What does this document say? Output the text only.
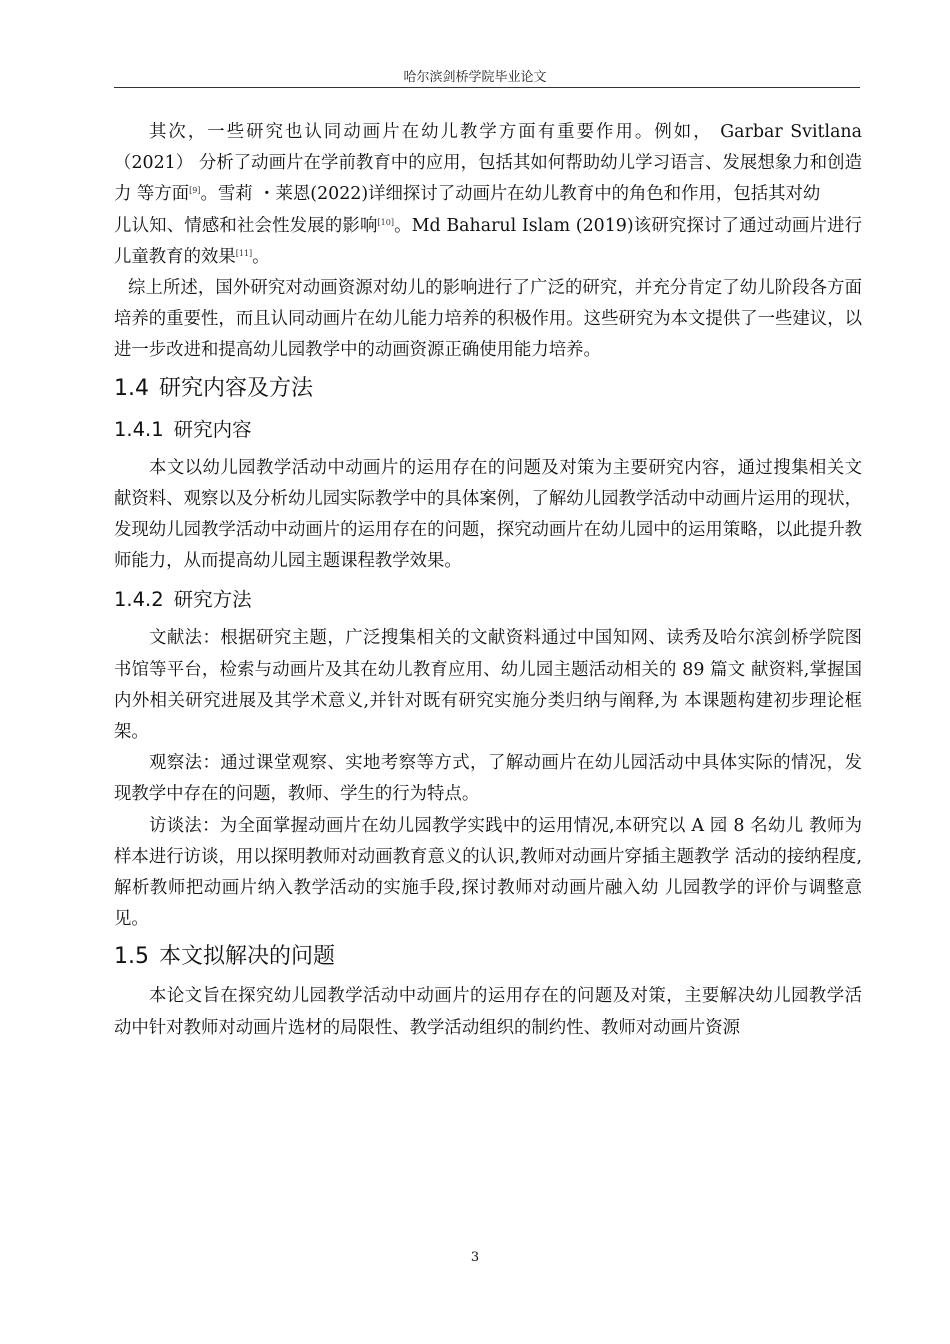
哈尔滨剑桥学院毕业论文

其次，一些研究也认同动画片在幼儿教学方面有重要作用。例如， Garbar Svitlana （2021） 分析了动画片在学前教育中的应用，包括其如何帮助幼儿学习语言、发展想象力和创造力 等方面[9]。雪莉 ・莱恩(2022)详细探讨了动画片在幼儿教育中的角色和作用，包括其对幼

儿认知、情感和社会性发展的影响[10]。Md Baharul Islam (2019)该研究探讨了通过动画片进行儿童教育的效果[11]。

综上所述，国外研究对动画资源对幼儿的影响进行了广泛的研究，并充分肯定了幼儿阶段各方面培养的重要性，而且认同动画片在幼儿能力培养的积极作用。这些研究为本文提供了一些建议，以进一步改进和提高幼儿园教学中的动画资源正确使用能力培养。

1.4 研究内容及方法
1.4.1 研究内容

本文以幼儿园教学活动中动画片的运用存在的问题及对策为主要研究内容，通过搜集相关文献资料、观察以及分析幼儿园实际教学中的具体案例，了解幼儿园教学活动中动画片运用的现状，发现幼儿园教学活动中动画片的运用存在的问题，探究动画片在幼儿园中的运用策略，以此提升教师能力，从而提高幼儿园主题课程教学效果。

1.4.2 研究方法

文献法：根据研究主题，广泛搜集相关的文献资料通过中国知网、读秀及哈尔滨剑桥学院图书馆等平台，检索与动画片及其在幼儿教育应用、幼儿园主题活动相关的 89 篇文 献资料,掌握国内外相关研究进展及其学术意义,并针对既有研究实施分类归纳与阐释,为 本课题构建初步理论框架。

观察法：通过课堂观察、实地考察等方式，了解动画片在幼儿园活动中具体实际的情况，发现教学中存在的问题，教师、学生的行为特点。

访谈法：为全面掌握动画片在幼儿园教学实践中的运用情况,本研究以 A 园 8 名幼儿 教师为样本进行访谈，用以探明教师对动画教育意义的认识,教师对动画片穿插主题教学 活动的接纳程度,解析教师把动画片纳入教学活动的实施手段,探讨教师对动画片融入幼 儿园教学的评价与调整意见。

1.5 本文拟解决的问题

本论文旨在探究幼儿园教学活动中动画片的运用存在的问题及对策，主要解决幼儿园教学活动中针对教师对动画片选材的局限性、教学活动组织的制约性、教师对动画片资源

3
